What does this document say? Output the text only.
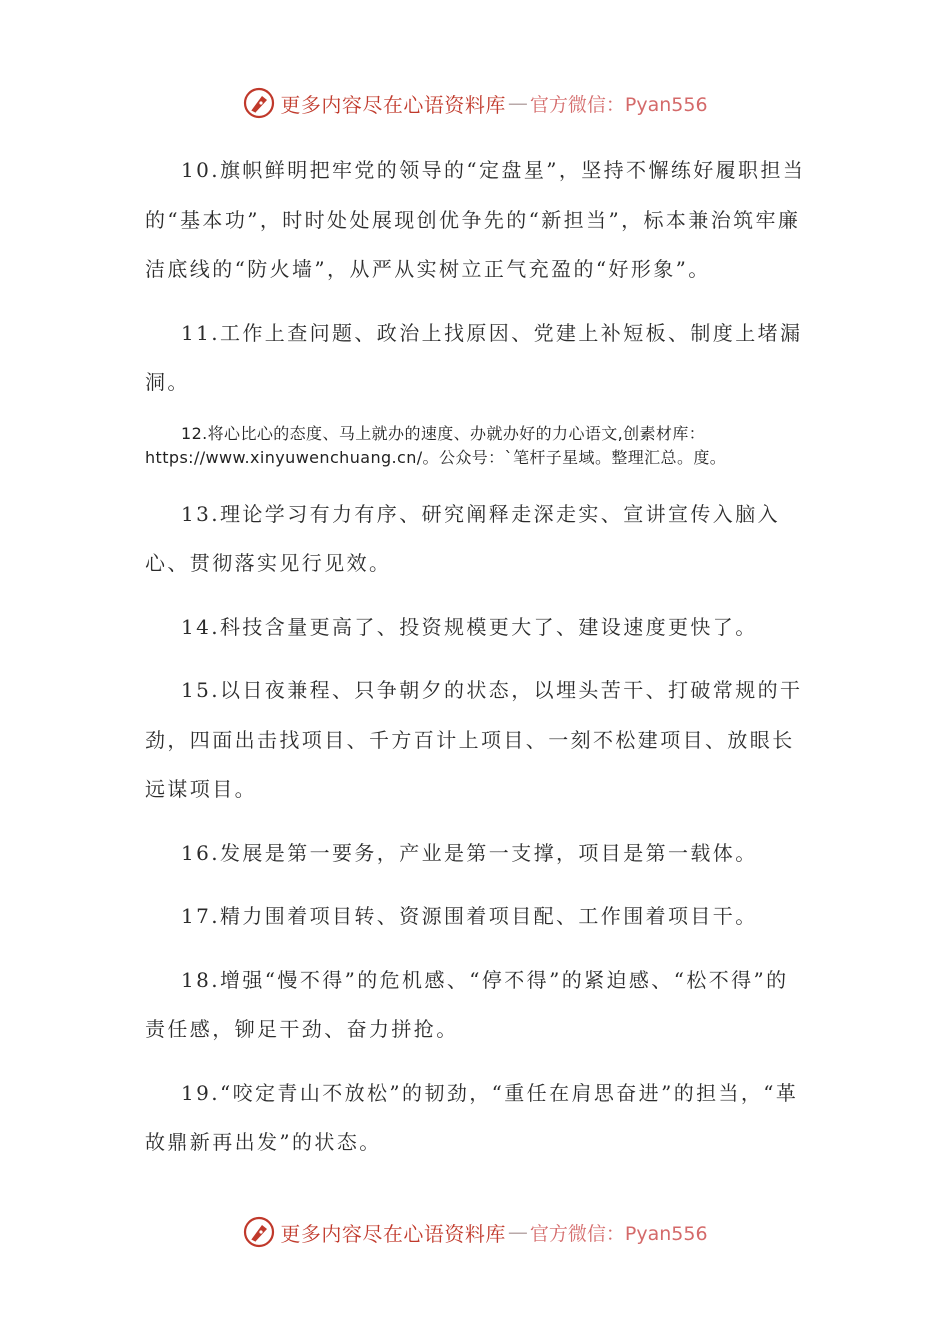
更多内容尽在心语资料库 — 官方微信：Pyan556

10.旗帜鲜明把牢党的领导的“定盘星”，坚持不懈练好履职担当的“基本功”，时时处处展现创优争先的“新担当”，标本兼治筑牢廉洁底线的“防火墙”，从严从实树立正气充盈的“好形象”。

11.工作上查问题、政治上找原因、党建上补短板、制度上堵漏洞。

12.将心比心的态度、马上就办的速度、办就办好的力心语文,创素材库：https://www.xinyuwenchuang.cn/。公众号：`笔杆子星域。整理汇总。度。

13.理论学习有力有序、研究阐释走深走实、宣讲宣传入脑入心、贯彻落实见行见效。

14.科技含量更高了、投资规模更大了、建设速度更快了。

15.以日夜兼程、只争朝夕的状态，以埋头苦干、打破常规的干劲，四面出击找项目、千方百计上项目、一刻不松建项目、放眼长远谋项目。

16.发展是第一要务，产业是第一支撑，项目是第一载体。

17.精力围着项目转、资源围着项目配、工作围着项目干。

18.增强“慢不得”的危机感、“停不得”的紧迫感、“松不得”的责任感，铆足干劲、奋力拼抢。

19.“咬定青山不放松”的韧劲，“重任在肩思奋进”的担当，“革故鼎新再出发”的状态。

更多内容尽在心语资料库 — 官方微信：Pyan556
